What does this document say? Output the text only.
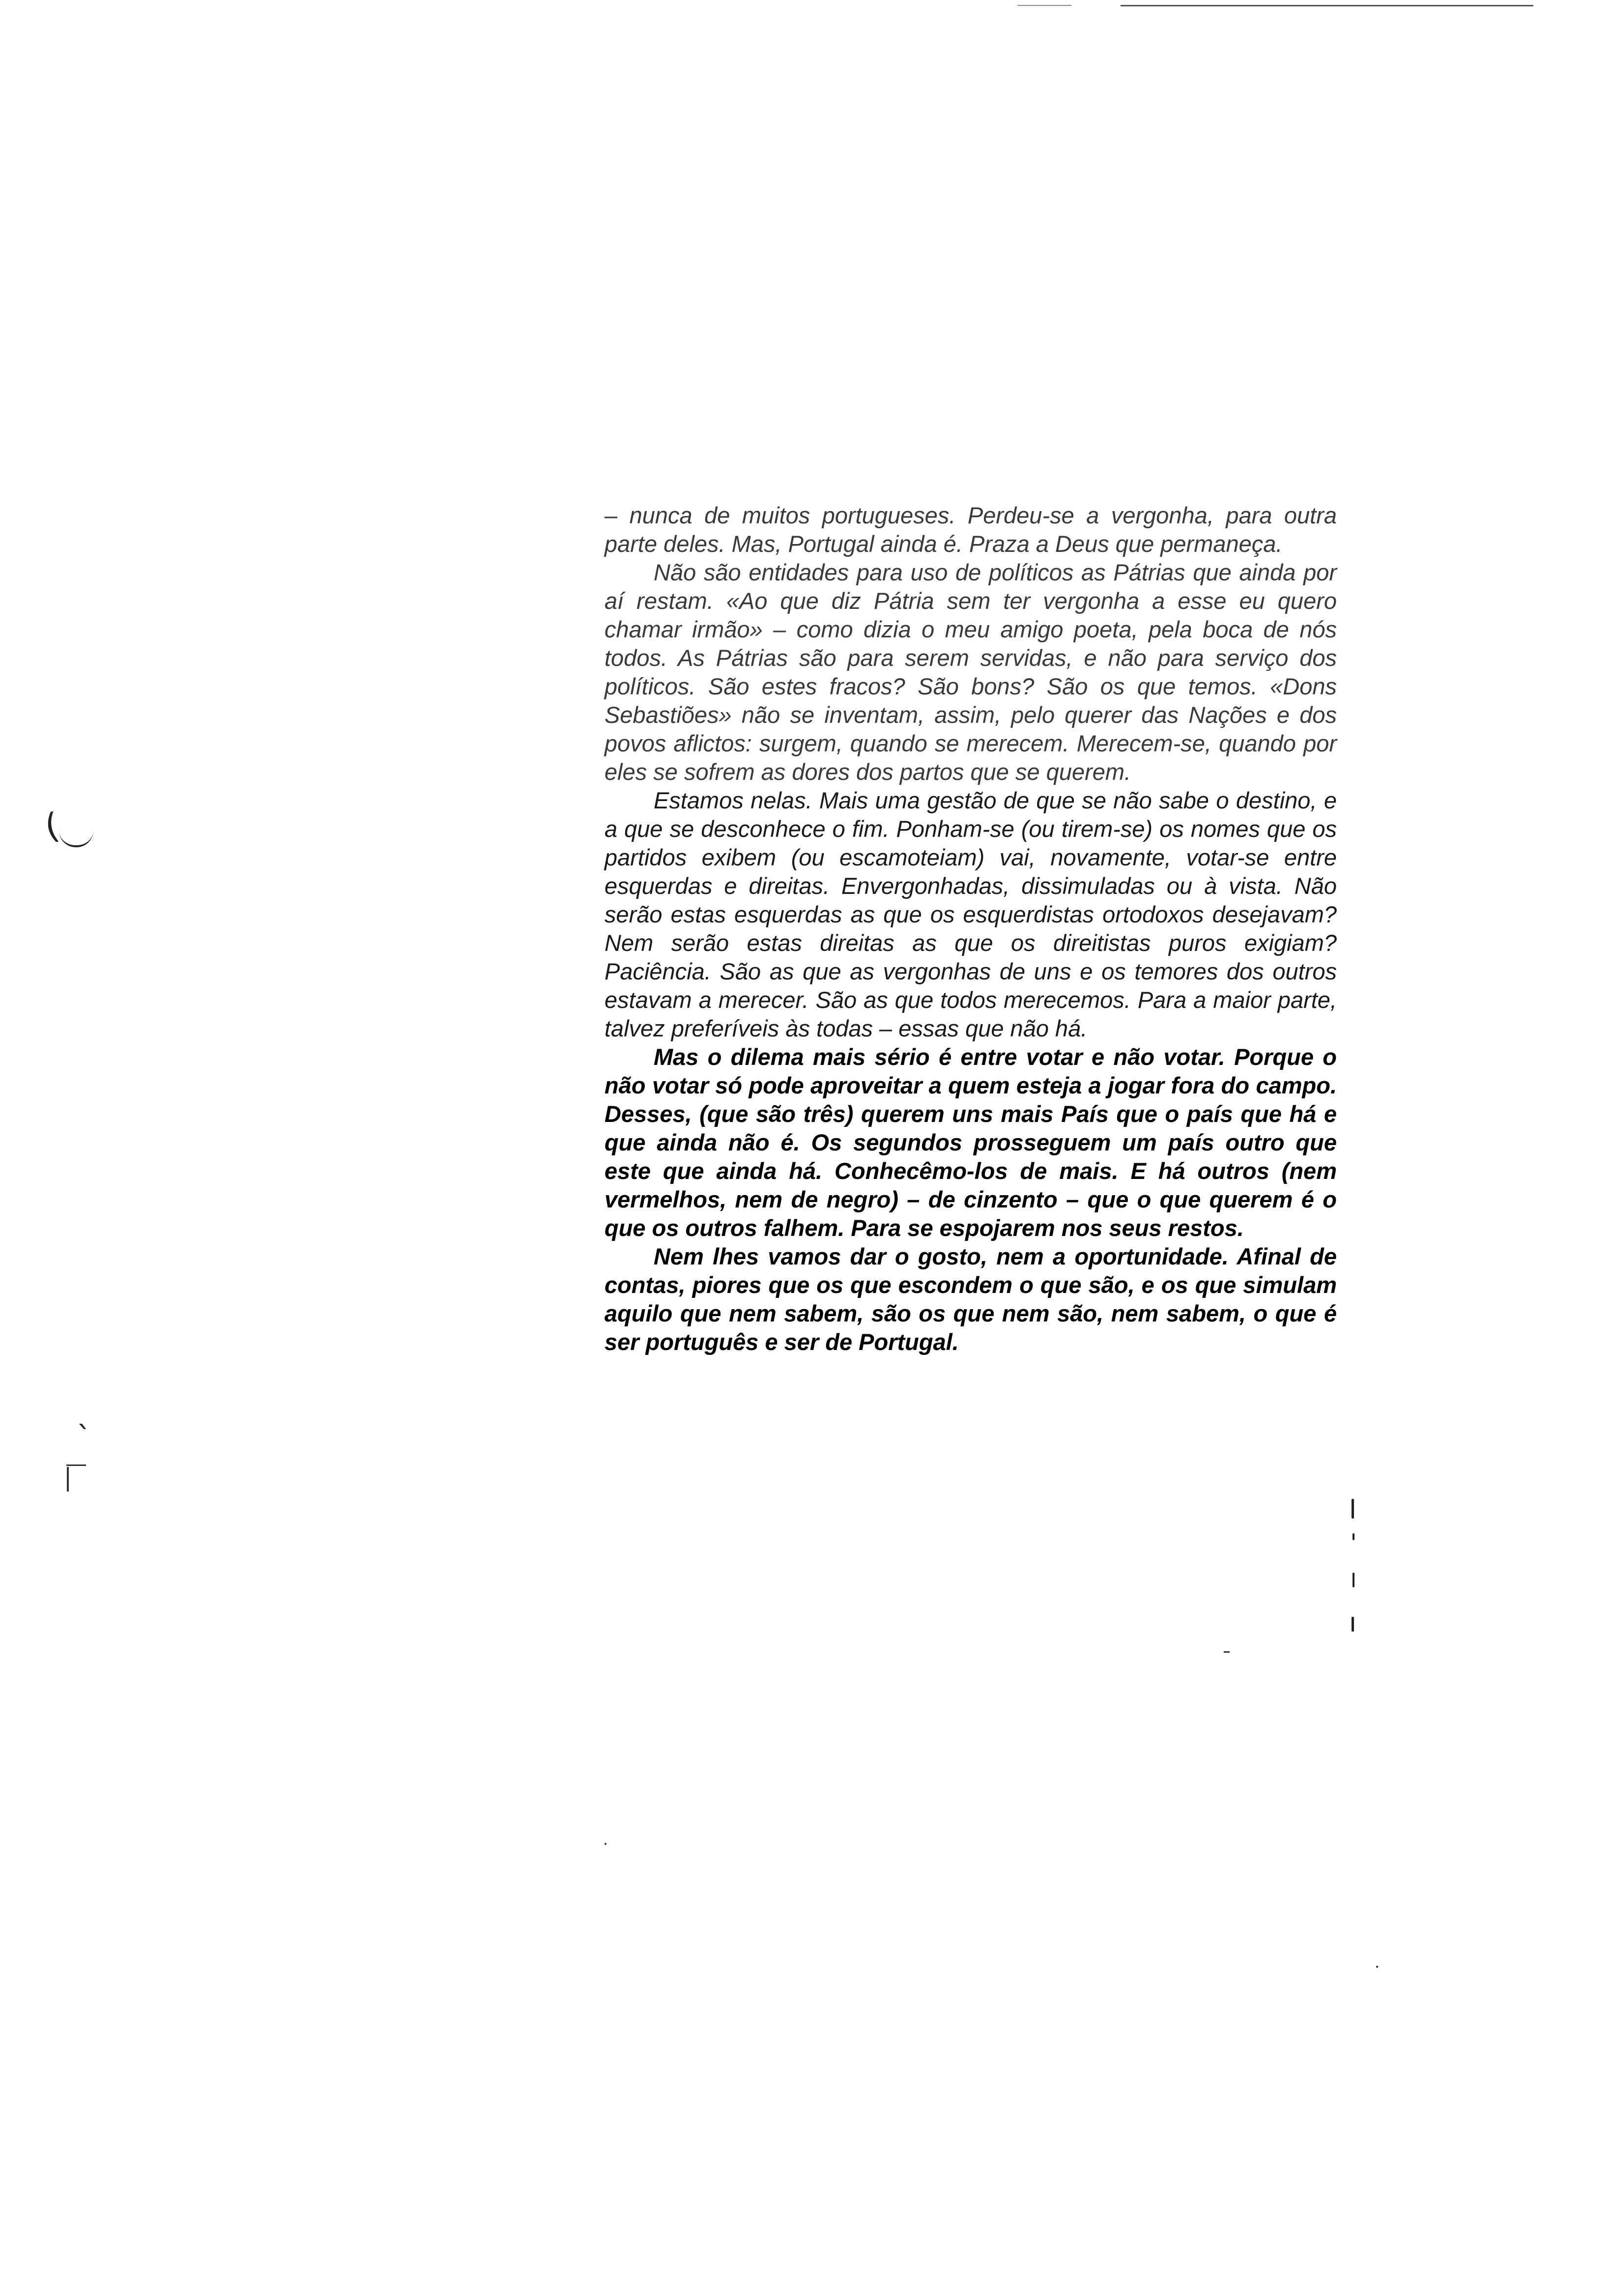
(
`

– nunca de muitos portugueses. Perdeu-se a vergonha, para outra parte deles. Mas, Portugal ainda é. Praza a Deus que permaneça.

Não são entidades para uso de políticos as Pátrias que ainda por aí restam. «Ao que diz Pátria sem ter vergonha a esse eu quero chamar irmão» – como dizia o meu amigo poeta, pela boca de nós todos. As Pátrias são para serem servidas, e não para serviço dos políticos. São estes fracos? São bons? São os que temos. «Dons Sebastiões» não se inventam, assim, pelo querer das Nações e dos povos aflictos: surgem, quando se merecem. Merecem-se, quando por eles se sofrem as dores dos partos que se querem.

Estamos nelas. Mais uma gestão de que se não sabe o destino, e a que se desconhece o fim. Ponham-se (ou tirem-se) os nomes que os partidos exibem (ou escamoteiam) vai, novamente, votar-se entre esquerdas e direitas. Envergonhadas, dissimuladas ou à vista. Não serão estas esquerdas as que os esquerdistas ortodoxos desejavam? Nem serão estas direitas as que os direitistas puros exigiam? Paciência. São as que as vergonhas de uns e os temores dos outros estavam a merecer. São as que todos merecemos. Para a maior parte, talvez preferíveis às todas – essas que não há.

Mas o dilema mais sério é entre votar e não votar. Porque o não votar só pode aproveitar a quem esteja a jogar fora do campo. Desses, (que são três) querem uns mais País que o país que há e que ainda não é. Os segundos prosseguem um país outro que este que ainda há. Conhecêmo-los de mais. E há outros (nem vermelhos, nem de negro) – de cinzento – que o que querem é o que os outros falhem. Para se espojarem nos seus restos.

Nem lhes vamos dar o gosto, nem a oportunidade. Afinal de contas, piores que os que escondem o que são, e os que simulam aquilo que nem sabem, são os que nem são, nem sabem, o que é ser português e ser de Portugal.
